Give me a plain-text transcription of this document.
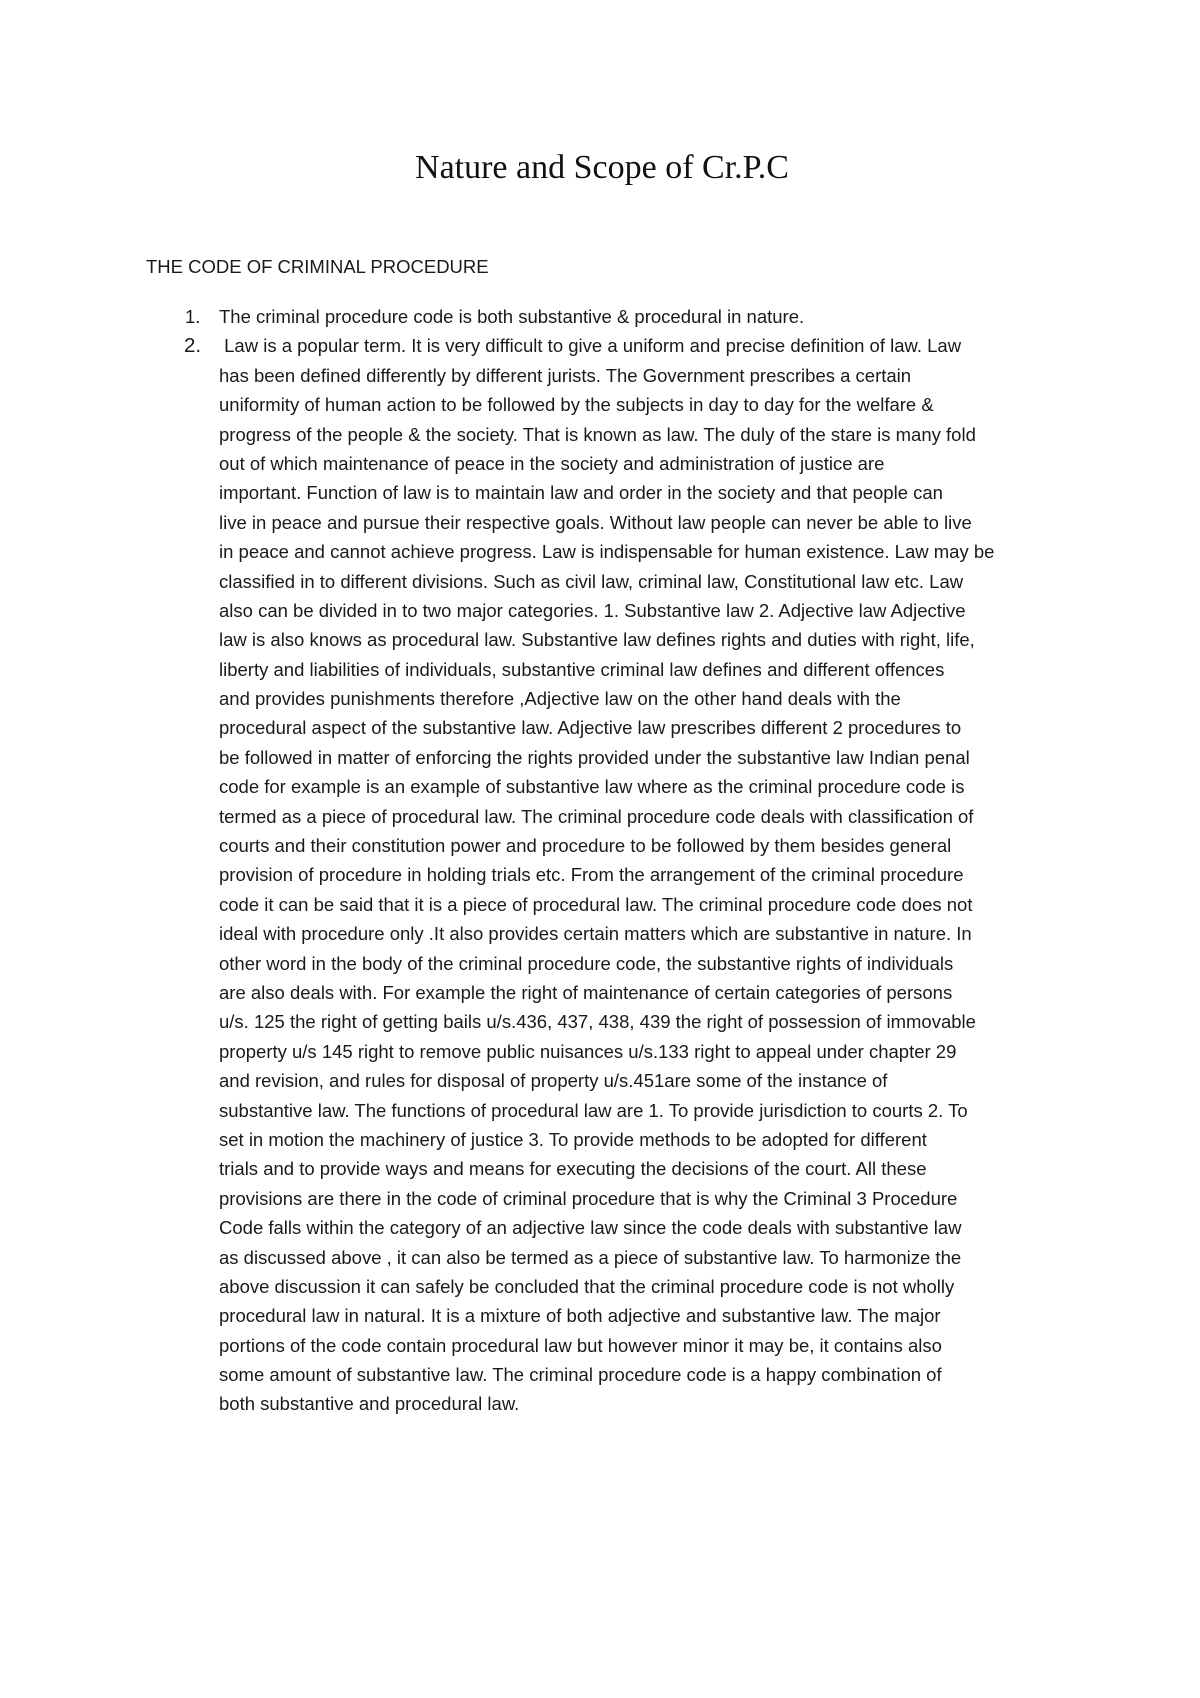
Nature and Scope of Cr.P.C
THE CODE OF CRIMINAL PROCEDURE
1. The criminal procedure code is both substantive & procedural in nature.
2. Law is a popular term. It is very difficult to give a uniform and precise definition of law. Law
has been defined differently by different jurists. The Government prescribes a certain
uniformity of human action to be followed by the subjects in day to day for the welfare &
progress of the people & the society. That is known as law. The duly of the stare is many fold
out of which maintenance of peace in the society and administration of justice are
important. Function of law is to maintain law and order in the society and that people can
live in peace and pursue their respective goals. Without law people can never be able to live
in peace and cannot achieve progress. Law is indispensable for human existence. Law may be
classified in to different divisions. Such as civil law, criminal law, Constitutional law etc. Law
also can be divided in to two major categories. 1. Substantive law 2. Adjective law Adjective
law is also knows as procedural law. Substantive law defines rights and duties with right, life,
liberty and liabilities of individuals, substantive criminal law defines and different offences
and provides punishments therefore ,Adjective law on the other hand deals with the
procedural aspect of the substantive law. Adjective law prescribes different 2 procedures to
be followed in matter of enforcing the rights provided under the substantive law Indian penal
code for example is an example of substantive law where as the criminal procedure code is
termed as a piece of procedural law. The criminal procedure code deals with classification of
courts and their constitution power and procedure to be followed by them besides general
provision of procedure in holding trials etc. From the arrangement of the criminal procedure
code it can be said that it is a piece of procedural law. The criminal procedure code does not
ideal with procedure only .It also provides certain matters which are substantive in nature. In
other word in the body of the criminal procedure code, the substantive rights of individuals
are also deals with. For example the right of maintenance of certain categories of persons
u/s. 125 the right of getting bails u/s.436, 437, 438, 439 the right of possession of immovable
property u/s 145 right to remove public nuisances u/s.133 right to appeal under chapter 29
and revision, and rules for disposal of property u/s.451are some of the instance of
substantive law. The functions of procedural law are 1. To provide jurisdiction to courts 2. To
set in motion the machinery of justice 3. To provide methods to be adopted for different
trials and to provide ways and means for executing the decisions of the court. All these
provisions are there in the code of criminal procedure that is why the Criminal 3 Procedure
Code falls within the category of an adjective law since the code deals with substantive law
as discussed above , it can also be termed as a piece of substantive law. To harmonize the
above discussion it can safely be concluded that the criminal procedure code is not wholly
procedural law in natural. It is a mixture of both adjective and substantive law. The major
portions of the code contain procedural law but however minor it may be, it contains also
some amount of substantive law. The criminal procedure code is a happy combination of
both substantive and procedural law.
